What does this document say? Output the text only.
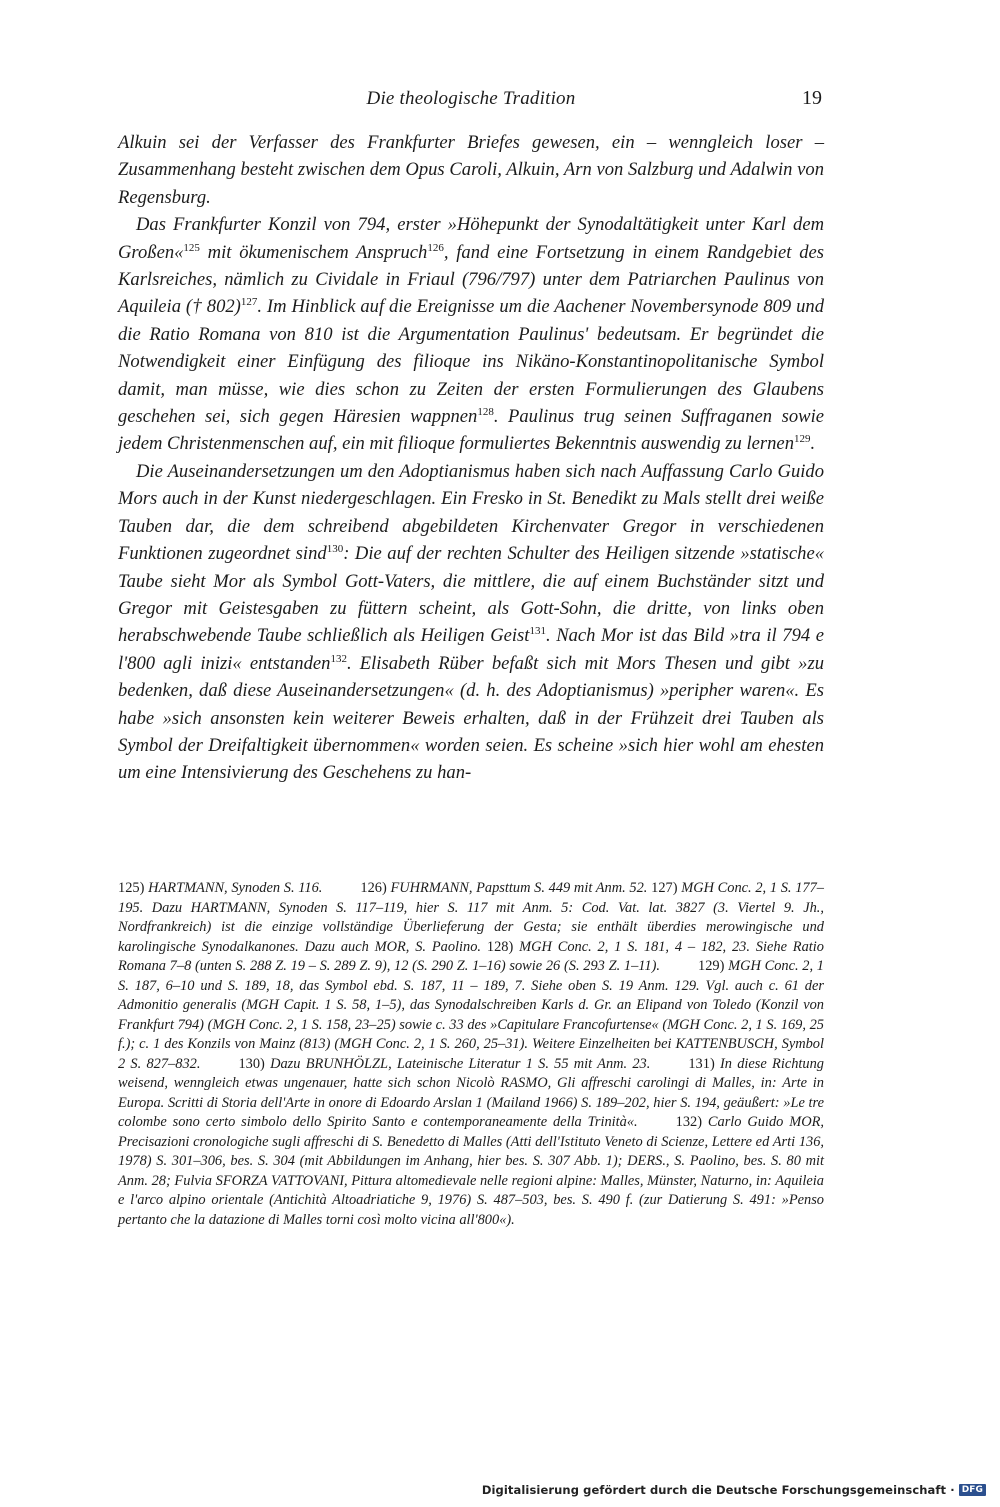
Die theologische Tradition	19

Alkuin sei der Verfasser des Frankfurter Briefes gewesen, ein – wenngleich loser – Zusammenhang besteht zwischen dem Opus Caroli, Alkuin, Arn von Salzburg und Adalwin von Regensburg.

Das Frankfurter Konzil von 794, erster »Höhepunkt der Synodaltätigkeit unter Karl dem Großen«$^{125}$ mit ökumenischem Anspruch$^{126}$, fand eine Fortsetzung in einem Randgebiet des Karlsreiches, nämlich zu Cividale in Friaul (796/797) unter dem Patriarchen Paulinus von Aquileia († 802)$^{127}$. Im Hinblick auf die Ereignisse um die Aachener Novembersynode 809 und die Ratio Romana von 810 ist die Argumentation Paulinus' bedeutsam. Er begründet die Notwendigkeit einer Einfügung des filioque ins Nikäno-Konstantinopolitanische Symbol damit, man müsse, wie dies schon zu Zeiten der ersten Formulierungen des Glaubens geschehen sei, sich gegen Häresien wappnen$^{128}$. Paulinus trug seinen Suffraganen sowie jedem Christenmenschen auf, ein mit filioque formuliertes Bekenntnis auswendig zu lernen$^{129}$.

Die Auseinandersetzungen um den Adoptianismus haben sich nach Auffassung Carlo Guido Mors auch in der Kunst niedergeschlagen. Ein Fresko in St. Benedikt zu Mals stellt drei weiße Tauben dar, die dem schreibend abgebildeten Kirchenvater Gregor in verschiedenen Funktionen zugeordnet sind$^{130}$: Die auf der rechten Schulter des Heiligen sitzende »statische« Taube sieht Mor als Symbol Gott-Vaters, die mittlere, die auf einem Buchständer sitzt und Gregor mit Geistesgaben zu füttern scheint, als Gott-Sohn, die dritte, von links oben herabschwebende Taube schließlich als Heiligen Geist$^{131}$. Nach Mor ist das Bild »tra il 794 e l'800 agli inizi« entstanden$^{132}$. Elisabeth Rüber befaßt sich mit Mors Thesen und gibt »zu bedenken, daß diese Auseinandersetzungen« (d. h. des Adoptianismus) »peripher waren«. Es habe »sich ansonsten kein weiterer Beweis erhalten, daß in der Frühzeit drei Tauben als Symbol der Dreifaltigkeit übernommen« worden seien. Es scheine »sich hier wohl am ehesten um eine Intensivierung des Geschehens zu han-

125) HARTMANN, Synoden S. 116.	126) FUHRMANN, Papsttum S. 449 mit Anm. 52. 127) MGH Conc. 2, 1 S. 177–195. Dazu HARTMANN, Synoden S. 117–119, hier S. 117 mit Anm. 5: Cod. Vat. lat. 3827 (3. Viertel 9. Jh., Nordfrankreich) ist die einzige vollständige Überlieferung der Gesta; sie enthält überdies merowingische und karolingische Synodalkanones. Dazu auch MOR, S. Paolino. 128) MGH Conc. 2, 1 S. 181, 4 – 182, 23. Siehe Ratio Romana 7–8 (unten S. 288 Z. 19 – S. 289 Z. 9), 12 (S. 290 Z. 1–16) sowie 26 (S. 293 Z. 1–11).	129) MGH Conc. 2, 1 S. 187, 6–10 und S. 189, 18, das Symbol ebd. S. 187, 11 – 189, 7. Siehe oben S. 19 Anm. 129. Vgl. auch c. 61 der Admonitio generalis (MGH Capit. 1 S. 58, 1–5), das Synodalschreiben Karls d. Gr. an Elipand von Toledo (Konzil von Frankfurt 794) (MGH Conc. 2, 1 S. 158, 23–25) sowie c. 33 des »Capitulare Francofurtense« (MGH Conc. 2, 1 S. 169, 25 f.); c. 1 des Konzils von Mainz (813) (MGH Conc. 2, 1 S. 260, 25–31). Weitere Einzelheiten bei KATTENBUSCH, Symbol 2 S. 827–832.	130) Dazu BRUNHÖLZL, Lateinische Literatur 1 S. 55 mit Anm. 23.	131) In diese Richtung weisend, wenngleich etwas ungenauer, hatte sich schon Nicolò RASMO, Gli affreschi carolingi di Malles, in: Arte in Europa. Scritti di Storia dell'Arte in onore di Edoardo Arslan 1 (Mailand 1966) S. 189–202, hier S. 194, geäußert: »Le tre colombe sono certo simbolo dello Spirito Santo e contemporaneamente della Trinità«.	132) Carlo Guido MOR, Precisazioni cronologiche sugli affreschi di S. Benedetto di Malles (Atti dell'Istituto Veneto di Scienze, Lettere ed Arti 136, 1978) S. 301–306, bes. S. 304 (mit Abbildungen im Anhang, hier bes. S. 307 Abb. 1); DERS., S. Paolino, bes. S. 80 mit Anm. 28; Fulvia SFORZA VATTOVANI, Pittura altomedievale nelle regioni alpine: Malles, Münster, Naturno, in: Aquileia e l'arco alpino orientale (Antichità Altoadriatiche 9, 1976) S. 487–503, bes. S. 490 f. (zur Datierung S. 491: »Penso pertanto che la datazione di Malles torni così molto vicina all'800«).

Digitalisierung gefördert durch die Deutsche Forschungsgemeinschaft · DFG
